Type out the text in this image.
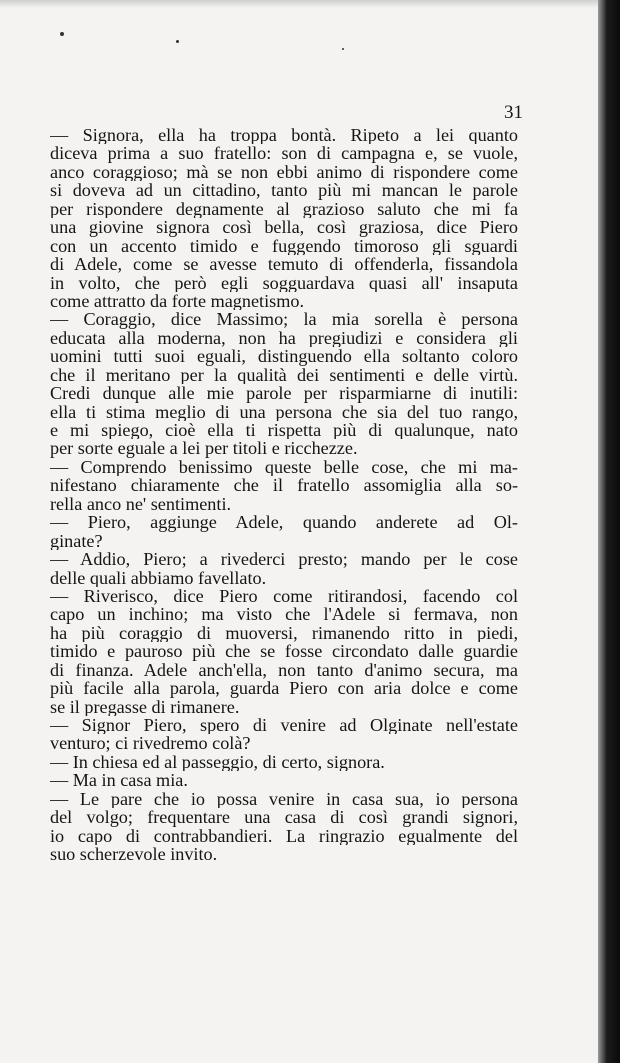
31
— Signora, ella ha troppa bontà. Ripeto a lei quanto
diceva prima a suo fratello: son di campagna e, se vuole,
anco coraggioso; mà se non ebbi animo di rispondere come
si doveva ad un cittadino, tanto più mi mancan le parole
per rispondere degnamente al grazioso saluto che mi fa
una giovine signora così bella, così graziosa, dice Piero
con un accento timido e fuggendo timoroso gli sguardi
di Adele, come se avesse temuto di offenderla, fissandola
in volto, che però egli sogguardava quasi all' insaputa
come attratto da forte magnetismo.
— Coraggio, dice Massimo; la mia sorella è persona
educata alla moderna, non ha pregiudizi e considera gli
uomini tutti suoi eguali, distinguendo ella soltanto coloro
che il meritano per la qualità dei sentimenti e delle virtù.
Credi dunque alle mie parole per risparmiarne di inutili:
ella ti stima meglio di una persona che sia del tuo rango,
e mi spiego, cioè ella ti rispetta più di qualunque, nato
per sorte eguale a lei per titoli e ricchezze.
— Comprendo benissimo queste belle cose, che mi ma-
nifestano chiaramente che il fratello assomiglia alla so-
rella anco ne' sentimenti.
— Piero, aggiunge Adele, quando anderete ad Ol-
ginate?
— Addio, Piero; a rivederci presto; mando per le cose
delle quali abbiamo favellato.
— Riverisco, dice Piero come ritirandosi, facendo col
capo un inchino; ma visto che l'Adele si fermava, non
ha più coraggio di muoversi, rimanendo ritto in piedi,
timido e pauroso più che se fosse circondato dalle guardie
di finanza. Adele anch'ella, non tanto d'animo secura, ma
più facile alla parola, guarda Piero con aria dolce e come
se il pregasse di rimanere.
— Signor Piero, spero di venire ad Olginate nell'estate
venturo; ci rivedremo colà?
— In chiesa ed al passeggio, di certo, signora.
— Ma in casa mia.
— Le pare che io possa venire in casa sua, io persona
del volgo; frequentare una casa di così grandi signori,
io capo di contrabbandieri. La ringrazio egualmente del
suo scherzevole invito.
